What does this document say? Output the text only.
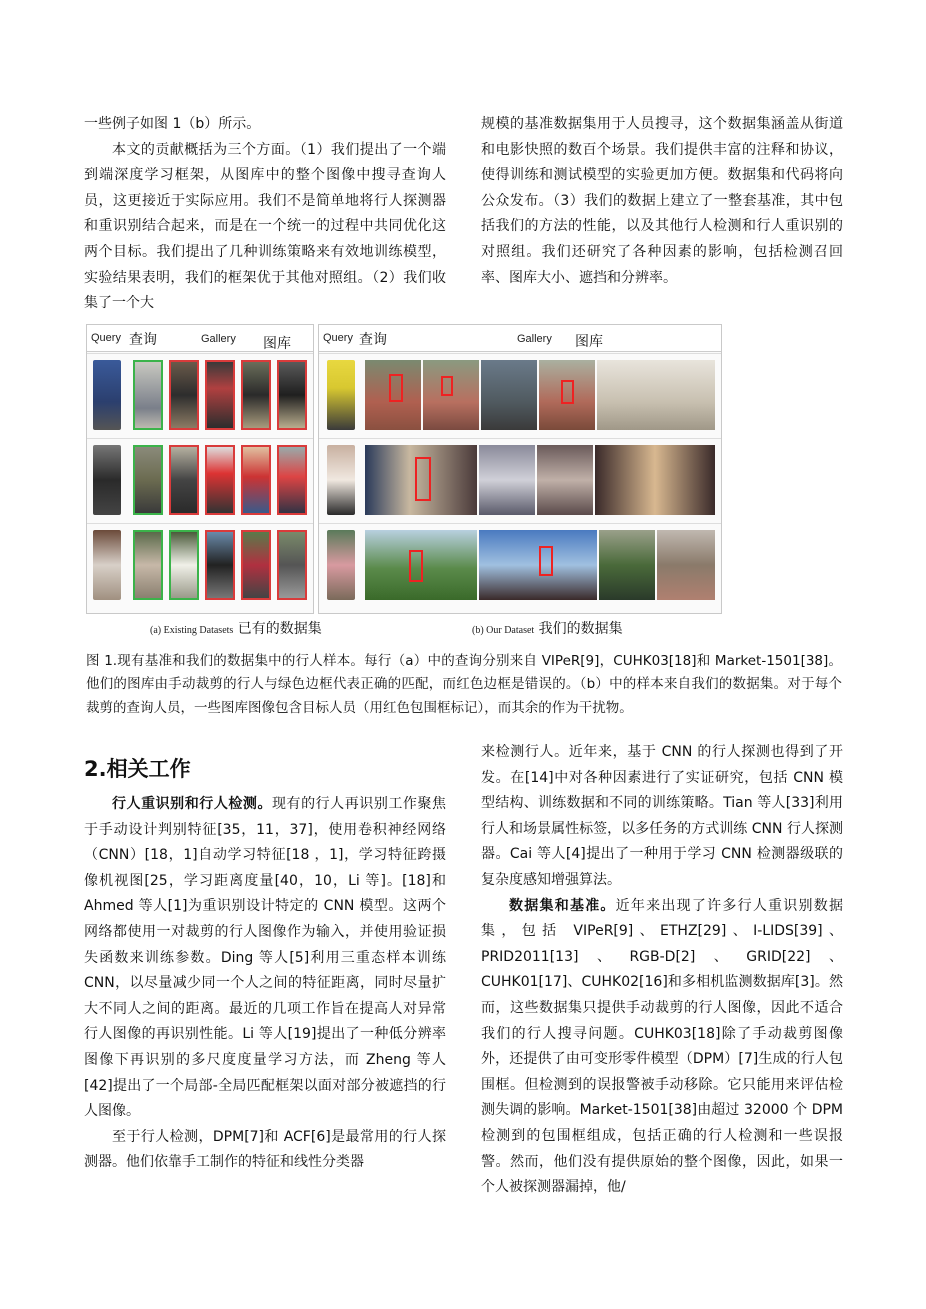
一些例子如图 1（b）所示。

本文的贡献概括为三个方面。（1）我们提出了一个端到端深度学习框架，从图库中的整个图像中搜寻查询人员，这更接近于实际应用。我们不是简单地将行人探测器和重识别结合起来，而是在一个统一的过程中共同优化这两个目标。我们提出了几种训练策略来有效地训练模型，实验结果表明，我们的框架优于其他对照组。（2）我们收集了一个大

规模的基准数据集用于人员搜寻，这个数据集涵盖从街道和电影快照的数百个场景。我们提供丰富的注释和协议，使得训练和测试模型的实验更加方便。数据集和代码将向公众发布。（3）我们的数据上建立了一整套基准，其中包括我们的方法的性能，以及其他行人检测和行人重识别的对照组。我们还研究了各种因素的影响，包括检测召回率、图库大小、遮挡和分辨率。

Query 查询	Gallery 图库	Query 查询	Gallery 图库
(a) Existing Datasets 已有的数据集	(b) Our Dataset 我们的数据集
图 1.现有基准和我们的数据集中的行人样本。每行（a）中的查询分别来自 VIPeR[9]，CUHK03[18]和 Market-1501[38]。他们的图库由手动裁剪的行人与绿色边框代表正确的匹配，而红色边框是错误的。（b）中的样本来自我们的数据集。对于每个裁剪的查询人员，一些图库图像包含目标人员（用红色包围框标记），而其余的作为干扰物。
2.相关工作

行人重识别和行人检测。现有的行人再识别工作聚焦于手动设计判别特征[35，11，37]，使用卷积神经网络（CNN）[18，1]自动学习特征[18 ，1]，学习特征跨摄像机视图[25，学习距离度量[40，10，Li 等]。[18]和 Ahmed 等人[1]为重识别设计特定的 CNN 模型。这两个网络都使用一对裁剪的行人图像作为输入，并使用验证损失函数来训练参数。Ding 等人[5]利用三重态样本训练 CNN，以尽量减少同一个人之间的特征距离，同时尽量扩大不同人之间的距离。最近的几项工作旨在提高人对异常行人图像的再识别性能。Li 等人[19]提出了一种低分辨率图像下再识别的多尺度度量学习方法，而 Zheng 等人[42]提出了一个局部-全局匹配框架以面对部分被遮挡的行人图像。

至于行人检测，DPM[7]和 ACF[6]是最常用的行人探测器。他们依靠手工制作的特征和线性分类器

来检测行人。近年来，基于 CNN 的行人探测也得到了开发。在[14]中对各种因素进行了实证研究，包括 CNN 模型结构、训练数据和不同的训练策略。Tian 等人[33]利用行人和场景属性标签，以多任务的方式训练 CNN 行人探测器。Cai 等人[4]提出了一种用于学习 CNN 检测器级联的复杂度感知增强算法。

数据集和基准。近年来出现了许多行人重识别数据集，包括 VIPeR[9]、ETHZ[29]、I-LIDS[39]、PRID2011[13]、RGB-D[2]、GRID[22]、CUHK01[17]、CUHK02[16]和多相机监测数据库[3]。然而，这些数据集只提供手动裁剪的行人图像，因此不适合我们的行人搜寻问题。CUHK03[18]除了手动裁剪图像外，还提供了由可变形零件模型（DPM）[7]生成的行人包围框。但检测到的误报警被手动移除。它只能用来评估检测失调的影响。Market-1501[38]由超过 32000 个 DPM 检测到的包围框组成，包括正确的行人检测和一些误报警。然而，他们没有提供原始的整个图像，因此，如果一个人被探测器漏掉，他/
